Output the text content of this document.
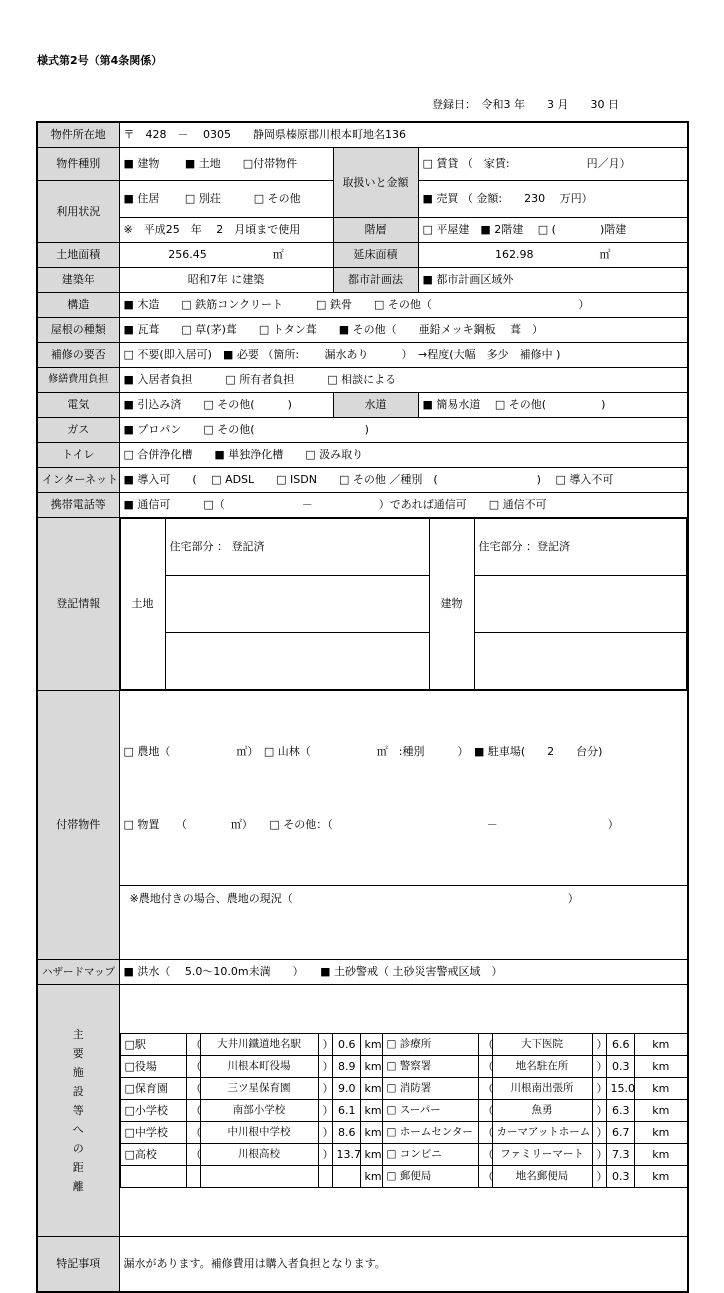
様式第2号（第4条関係）
登録日：　令和3 年　　3 月　　30 日
物件所在地	〒　428　－　 0305　　静岡県榛原郡川根本町地名136
物件種別	■ 建物　　 ■ 土地　　□付帯物件	取扱いと金額	□ 賃貸 （　家賃:　　　　　　　円／月）
利用状況	■ 住居　　 □ 別荘　　　□ その他	■ 売買 （ 金額:　　230　 万円）
※　平成25　年　 2　月頃まで使用	階層	□ 平屋建　■ 2階建　 □ (　　　　)階建
土地面積	256.45　　　　　　	㎡	延床面積	162.98　　　　　　	㎡
建築年	昭和7年 に建築	都市計画法	■ 都市計画区域外
構造	■ 木造　　□ 鉄筋コンクリート　　　□ 鉄骨　　□ その他（　　　　　　　　　　　　　 ）
屋根の種類	■ 瓦葺　　□ 草(茅)葺　　□ トタン葺　　■ その他（　　亜鉛メッキ鋼板　 葺　）
補修の要否	□ 不要(即入居可)　■ 必要 （箇所:　　 漏水あり　　　）　→程度(大幅　多少　補修中 )
修繕費用負担	■ 入居者負担　　　□ 所有者負担　　　□ 相談による
電気	■ 引込み済　　□ その他(　　　)	水道	■ 簡易水道　 □ その他(　　　　　)
ガス	■ プロパン　　□ その他(　　　　　　　　　　)
トイレ	□ 合併浄化槽　　■ 単独浄化槽　　□ 汲み取り
インターネット	■ 導入可　　(　 □ ADSL　　□ ISDN　　□ その他 ／種別　(　　　　　　　　　)　 □ 導入不可
携帯電話等	■ 通信可　　　□（　　　　　　　－　　　　　　）であれば通信可　　□ 通信不可
登記情報	
	土地	住宅部分 ： 登記済	建物	住宅部分 ：登記済

付帯物件	

□ 農地（　　　　　　㎡）　□ 山林（　　　　　　㎡　:種別　　　）　■ 駐車場(　　2　　台分)

□ 物置　　（　　　　㎡）　　□ その他：（　　　　　　　　　　　　　　－　　　　　　　　　　）

※農地付きの場合、農地の現況（　　　　　　　　　　　　　　　　　　　　　　　　　）

ハザードマップ	■ 洪水（　 5.0～10.0m未満　　）　　■ 土砂警戒（ 土砂災害警戒区域　）
主要施設等への距離	

□駅	（	大井川鐵道地名駅	）	0.6	km	□ 診療所	（	大下医院	）	6.6	km
□役場	（	川根本町役場	）	8.9	km	□ 警察署	（	地名駐在所	）	0.3	km
□保育園	（	三ツ星保育園	）	9.0	km	□ 消防署	（	川根南出張所	）	15.0	km
□小学校	（	南部小学校	）	6.1	km	□ スーパー	（	魚勇	）	6.3	km
□中学校	（	中川根中学校	）	8.6	km	□ ホームセンター	（	カーマアットホーム	）	6.7	km
□高校	（	川根高校	）	13.7	km	□ コンビニ	（	ファミリーマート	）	7.3	km
					km	□ 郵便局	（	地名郵便局	）	0.3	km

特記事項	漏水があります。補修費用は購入者負担となります。
